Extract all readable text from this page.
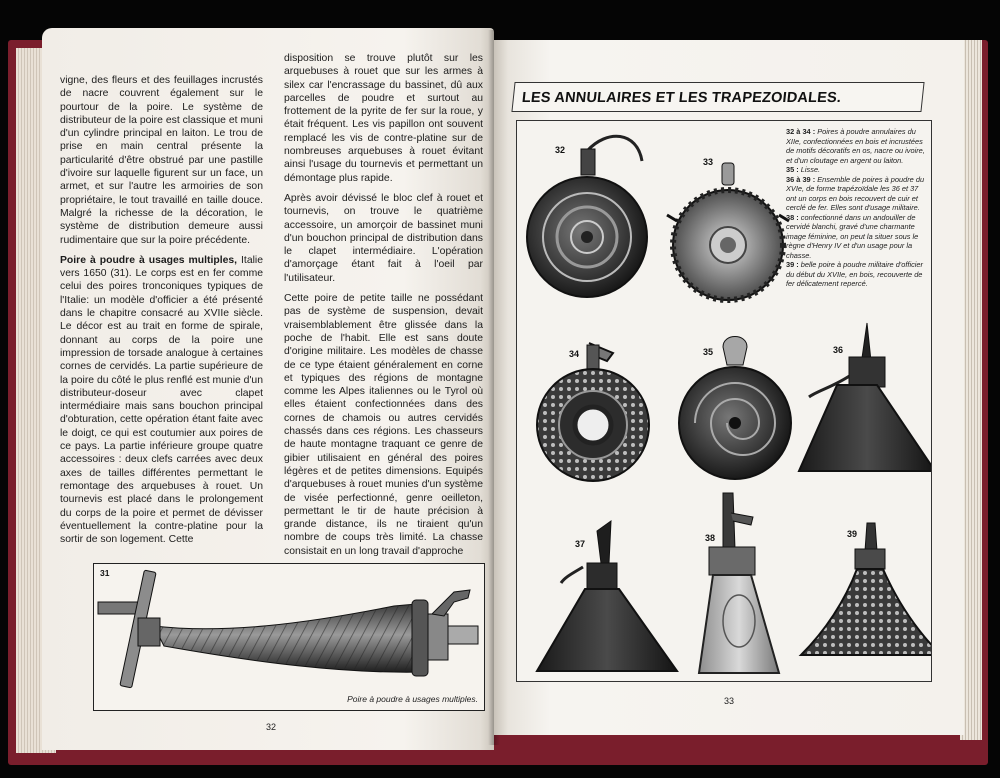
vigne, des fleurs et des feuillages incrustés de nacre couvrent également sur le pourtour de la poire. Le système de distributeur de la poire est classique et muni d'un cylindre principal en laiton. Le trou de prise en main central présente la particularité d'être obstrué par une pastille d'ivoire sur laquelle figurent sur un face, un armet, et sur l'autre les armoiries de son propriétaire, le tout travaillé en taille douce. Malgré la richesse de la décoration, le système de distribution demeure aussi rudimentaire que sur la poire précédente.

Poire à poudre à usages multiples, Italie vers 1650 (31). Le corps est en fer comme celui des poires tronconiques typiques de l'Italie: un modèle d'officier a été présenté dans le chapitre consacré au XVIIe siècle. Le décor est au trait en forme de spirale, donnant au corps de la poire une impression de torsade analogue à certaines cornes de cervidés. La partie supérieure de la poire du côté le plus renflé est munie d'un distributeur-doseur avec clapet intermédiaire mais sans bouchon principal d'obturation, cette opération étant faite avec le doigt, ce qui est coutumier aux poires de ce pays. La partie inférieure groupe quatre accessoires : deux clefs carrées avec deux axes de tailles différentes permettant le remontage des arquebuses à rouet. Un tournevis est placé dans le prolongement du corps de la poire et permet de dévisser éventuellement la contre-platine pour la sortir de son logement. Cette

disposition se trouve plutôt sur les arquebuses à rouet que sur les armes à silex car l'encrassage du bassinet, dû aux parcelles de poudre et surtout au frottement de la pyrite de fer sur la roue, y était fréquent. Les vis papillon ont souvent remplacé les vis de contre-platine sur de nombreuses arquebuses à rouet évitant ainsi l'usage du tournevis et permettant un démontage plus rapide.

Après avoir dévissé le bloc clef à rouet et tournevis, on trouve le quatrième accessoire, un amorçoir de bassinet muni d'un bouchon principal de distribution dans le clapet intermédiaire. L'opération d'amorçage étant fait à l'oeil par l'utilisateur.

Cette poire de petite taille ne possédant pas de système de suspension, devait vraisemblablement être glissée dans la poche de l'habit. Elle est sans doute d'origine militaire. Les modèles de chasse de ce type étaient généralement en corne et typiques des régions de montagne comme les Alpes italiennes ou le Tyrol où elles étaient confectionnées dans des cornes de chamois ou autres cervidés chassés dans ces régions. Les chasseurs de haute montagne traquant ce genre de gibier utilisaient en général des poires légères et de petites dimensions. Equipés d'arquebuses à rouet munies d'un système de visée perfectionné, genre oeilleton, permettant le tir de haute précision à grande distance, ils ne tiraient qu'un nombre de coups très limité. La chasse consistait en un long travail d'approche

31
Poire à poudre à usages multiples.
32
LES ANNULAIRES ET LES TRAPEZOIDALES.
32
33
34	35	36
37
38	39

32 à 34 : Poires à poudre annulaires du XIIe, confectionnées en bois et incrustées de motifs décoratifs en os, nacre ou ivoire, et d'un cloutage en argent ou laiton.

35 : Lisse.

36 à 39 : Ensemble de poires à poudre du XVIe, de forme trapézoïdale les 36 et 37 ont un corps en bois recouvert de cuir et cerclé de fer. Elles sont d'usage militaire.

38 : confectionné dans un andouiller de cervidé blanchi, gravé d'une charmante image féminine, on peut la situer sous le règne d'Henry IV et d'un usage pour la chasse.

39 : belle poire à poudre militaire d'officier du début du XVIIe, en bois, recouverte de fer délicatement repercé.

33
